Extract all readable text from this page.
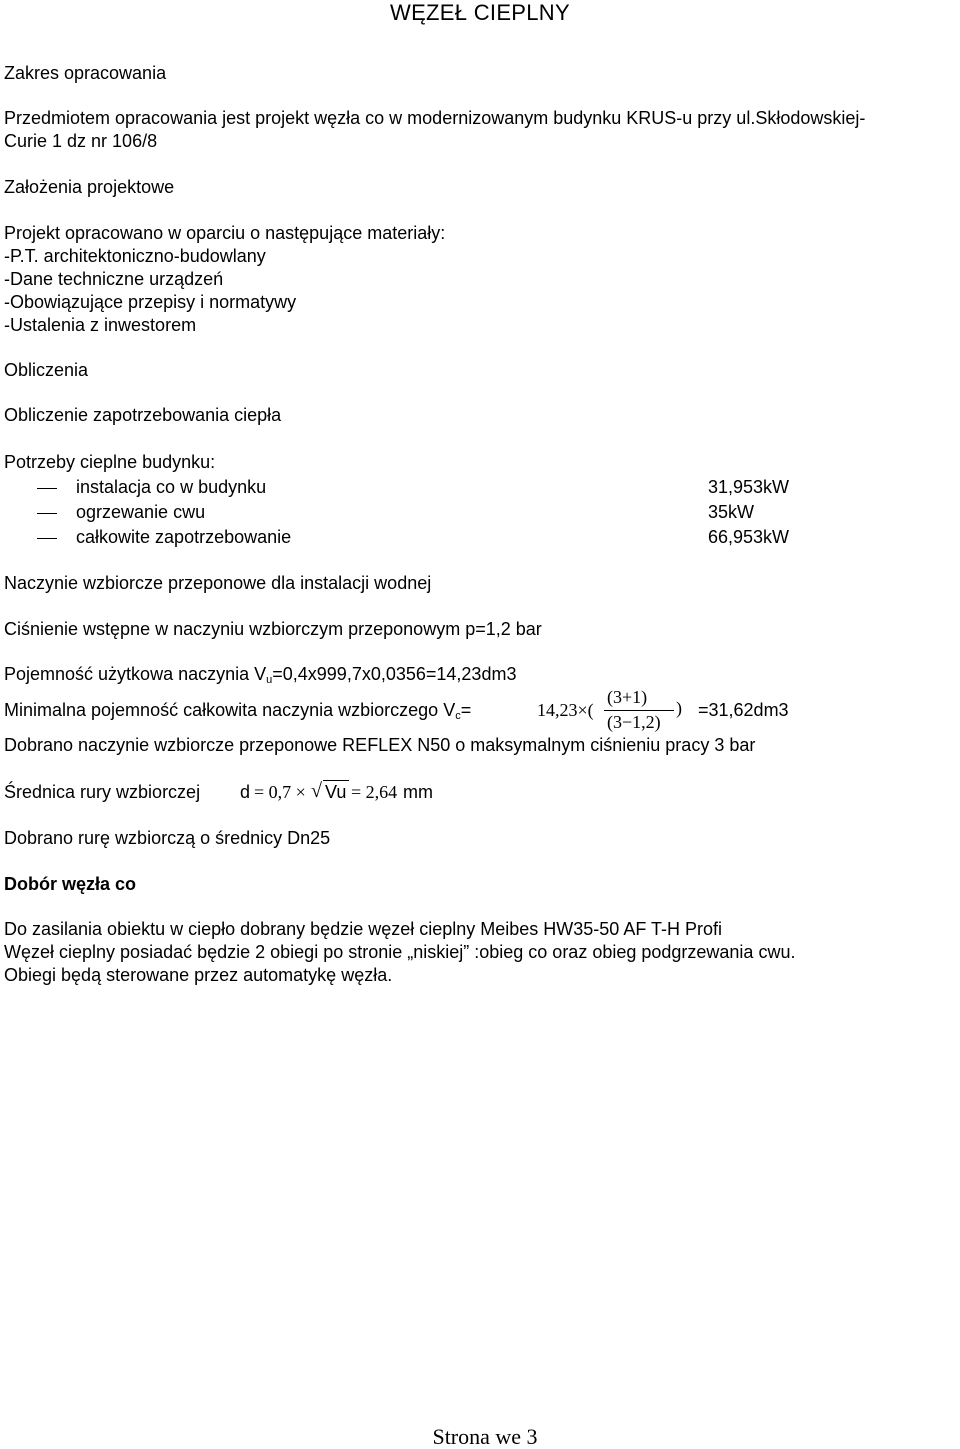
WĘZEŁ CIEPLNY
Zakres opracowania
Przedmiotem opracowania jest projekt węzła co w modernizowanym budynku KRUS-u przy ul.Skłodowskiej-
Curie 1 dz nr 106/8
Założenia projektowe
Projekt opracowano w oparciu o następujące materiały:
-P.T. architektoniczno-budowlany
-Dane techniczne urządzeń
-Obowiązujące przepisy i normatywy
-Ustalenia z inwestorem
Obliczenia
Obliczenie zapotrzebowania ciepła
Potrzeby cieplne budynku:
instalacja co w budynku	31,953kW
ogrzewanie cwu	35kW
całkowite zapotrzebowanie	66,953kW
Naczynie wzbiorcze przeponowe dla instalacji wodnej
Ciśnienie wstępne w naczyniu wzbiorczym przeponowym p=1,2 bar
Pojemność użytkowa naczynia $V_u=0,4x999,7x0,0356=14,23dm3$
Minimalna pojemność całkowita naczynia wzbiorczego $V_c=$	14,23×(
(3+1)
(3−1,2)
) =31,62dm3
Dobrano naczynie wzbiorcze przeponowe REFLEX N50 o maksymalnym ciśnieniu pracy 3 bar
Średnica rury wzbiorczej d = 0,7 × √ Vu = 2,64 mm
Dobrano rurę wzbiorczą o średnicy Dn25
Dobór węzła co
Do zasilania obiektu w ciepło dobrany będzie węzeł cieplny Meibes HW35-50 AF T-H Profi
Węzeł cieplny posiadać będzie 2 obiegi po stronie „niskiej” :obieg co oraz obieg podgrzewania cwu.
Obiegi będą sterowane przez automatykę węzła.
Strona we 3
